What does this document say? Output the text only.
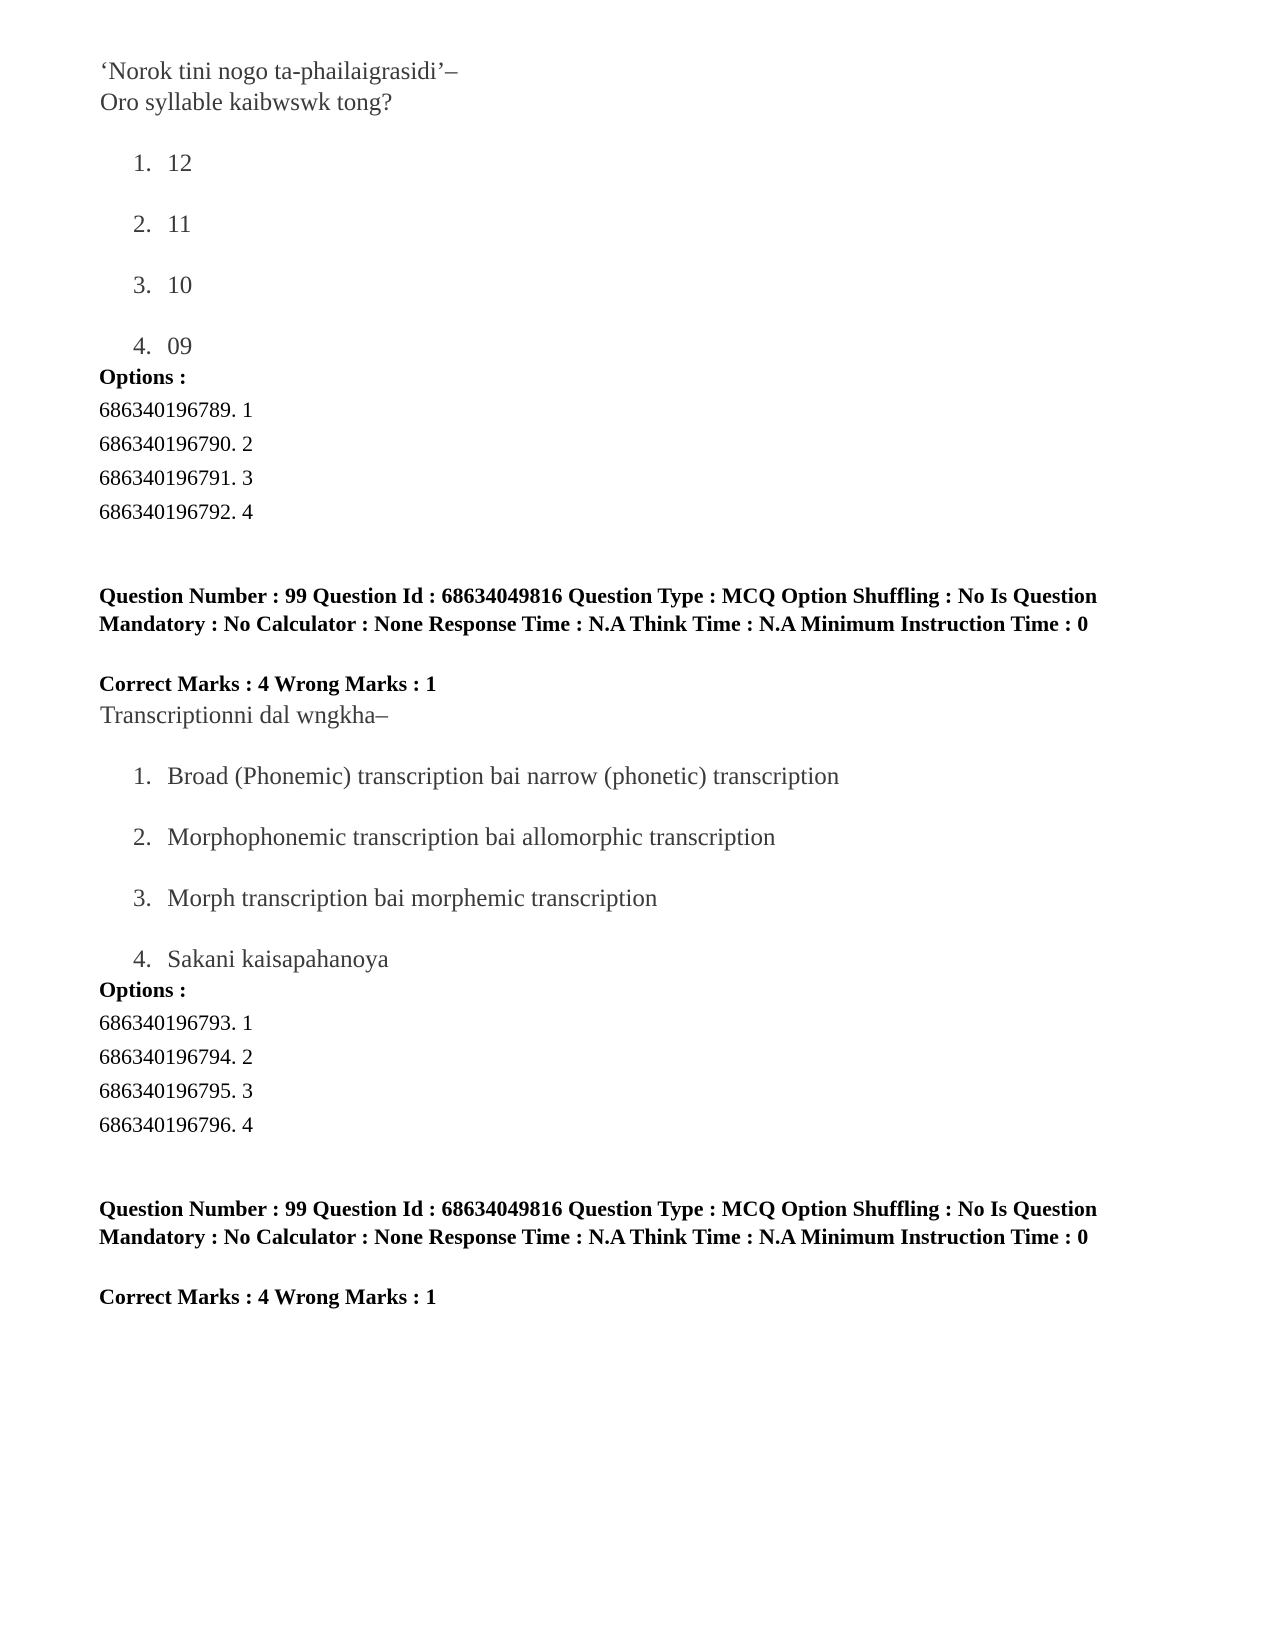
‘Norok tini nogo ta-phailaigrasidi’–
Oro syllable kaibwswk tong?
1. 12
2. 11
3. 10
4. 09
Options :
686340196789. 1
686340196790. 2
686340196791. 3
686340196792. 4
Question Number : 99 Question Id : 68634049816 Question Type : MCQ Option Shuffling : No Is Question Mandatory : No Calculator : None Response Time : N.A Think Time : N.A Minimum Instruction Time : 0
Correct Marks : 4 Wrong Marks : 1
Transcriptionni dal wngkha–
1. Broad (Phonemic) transcription bai narrow (phonetic) transcription
2. Morphophonemic transcription bai allomorphic transcription
3. Morph transcription bai morphemic transcription
4. Sakani kaisapahanoya
Options :
686340196793. 1
686340196794. 2
686340196795. 3
686340196796. 4
Question Number : 99 Question Id : 68634049816 Question Type : MCQ Option Shuffling : No Is Question Mandatory : No Calculator : None Response Time : N.A Think Time : N.A Minimum Instruction Time : 0
Correct Marks : 4 Wrong Marks : 1
